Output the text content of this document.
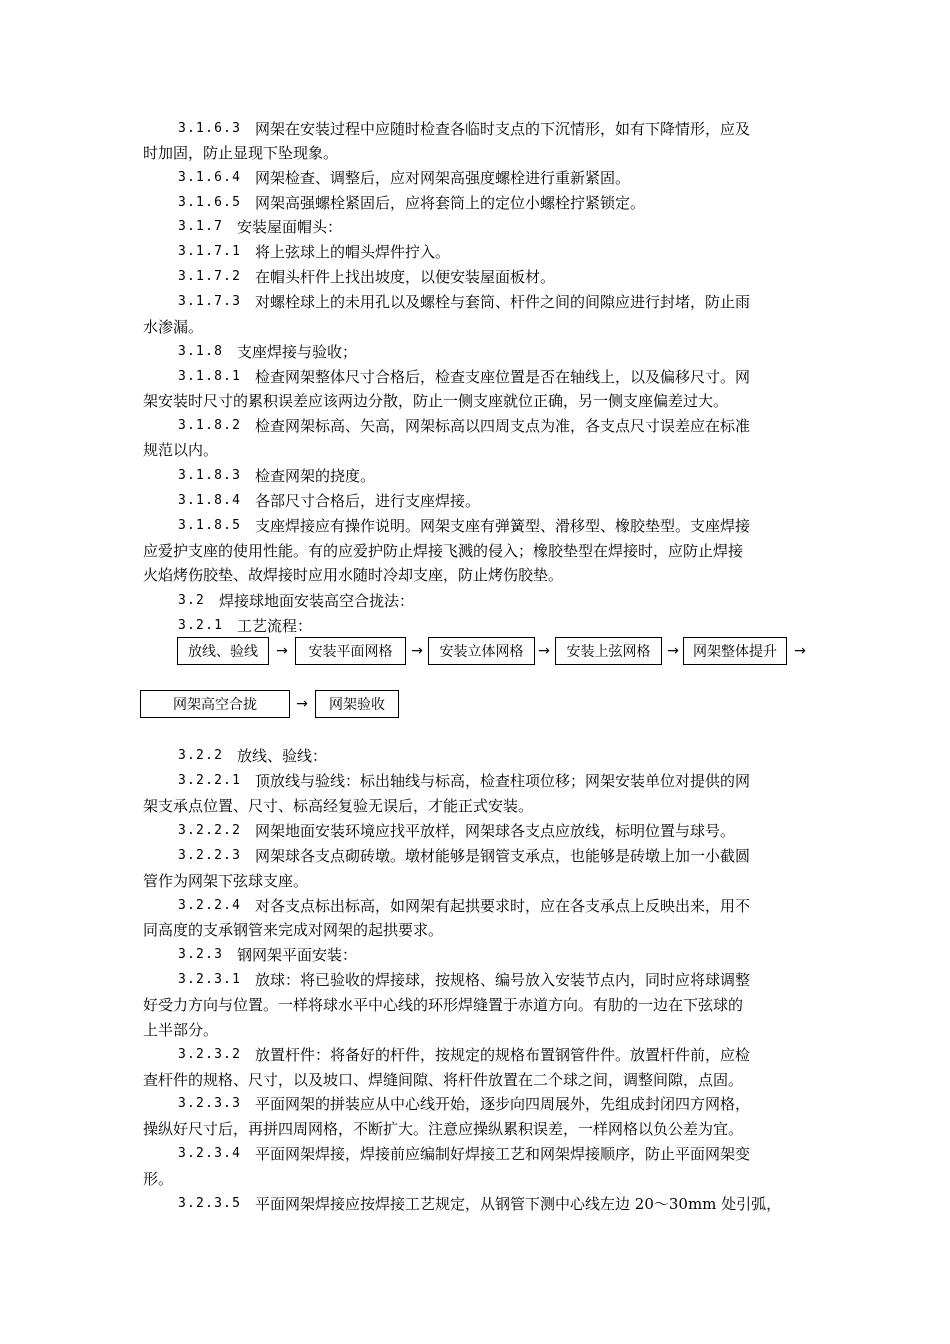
3.1.6.3 网架在安装过程中应随时检查各临时支点的下沉情形，如有下降情形，应及
时加固，防止显现下坠现象。
3.1.6.4 网架检查、调整后，应对网架高强度螺栓进行重新紧固。
3.1.6.5 网架高强螺栓紧固后，应将套筒上的定位小螺栓拧紧锁定。
3.1.7 安装屋面帽头：
3.1.7.1 将上弦球上的帽头焊件拧入。
3.1.7.2 在帽头杆件上找出坡度，以便安装屋面板材。
3.1.7.3 对螺栓球上的未用孔以及螺栓与套筒、杆件之间的间隙应进行封堵，防止雨
水渗漏。
3.1.8 支座焊接与验收；
3.1.8.1 检查网架整体尺寸合格后，检查支座位置是否在轴线上，以及偏移尺寸。网
架安装时尺寸的累积误差应该两边分散，防止一侧支座就位正确，另一侧支座偏差过大。
3.1.8.2 检查网架标高、矢高，网架标高以四周支点为准，各支点尺寸误差应在标准
规范以内。
3.1.8.3 检查网架的挠度。
3.1.8.4 各部尺寸合格后，进行支座焊接。
3.1.8.5 支座焊接应有操作说明。网架支座有弹簧型、滑移型、橡胶垫型。支座焊接
应爱护支座的使用性能。有的应爱护防止焊接飞溅的侵入；橡胶垫型在焊接时，应防止焊接
火焰烤伤胶垫、故焊接时应用水随时冷却支座，防止烤伤胶垫。
3.2 焊接球地面安装高空合拢法：
3.2.1 工艺流程：
放线、验线	→	安装平面网格	→	安装立体网格	→	安装上弦网格	→	网架整体提升	→
网架高空合拢	→	网架验收
3.2.2 放线、验线：
3.2.2.1 顶放线与验线：标出轴线与标高，检查柱项位移；网架安装单位对提供的网
架支承点位置、尺寸、标高经复验无误后，才能正式安装。
3.2.2.2 网架地面安装环境应找平放样，网架球各支点应放线，标明位置与球号。
3.2.2.3 网架球各支点砌砖墩。墩材能够是钢管支承点，也能够是砖墩上加一小截圆
管作为网架下弦球支座。
3.2.2.4 对各支点标出标高，如网架有起拱要求时，应在各支承点上反映出来，用不
同高度的支承钢管来完成对网架的起拱要求。
3.2.3 钢网架平面安装：
3.2.3.1 放球：将已验收的焊接球，按规格、编号放入安装节点内，同时应将球调整
好受力方向与位置。一样将球水平中心线的环形焊缝置于赤道方向。有肋的一边在下弦球的
上半部分。
3.2.3.2 放置杆件：将备好的杆件，按规定的规格布置钢管件件。放置杆件前，应检
查杆件的规格、尺寸，以及坡口、焊缝间隙、将杆件放置在二个球之间，调整间隙，点固。
3.2.3.3 平面网架的拼装应从中心线开始，逐步向四周展外，先组成封闭四方网格，
操纵好尺寸后，再拼四周网格，不断扩大。注意应操纵累积误差，一样网格以负公差为宜。
3.2.3.4 平面网架焊接，焊接前应编制好焊接工艺和网架焊接顺序，防止平面网架变
形。
3.2.3.5 平面网架焊接应按焊接工艺规定，从钢管下测中心线左边 20～30mm 处引弧，
